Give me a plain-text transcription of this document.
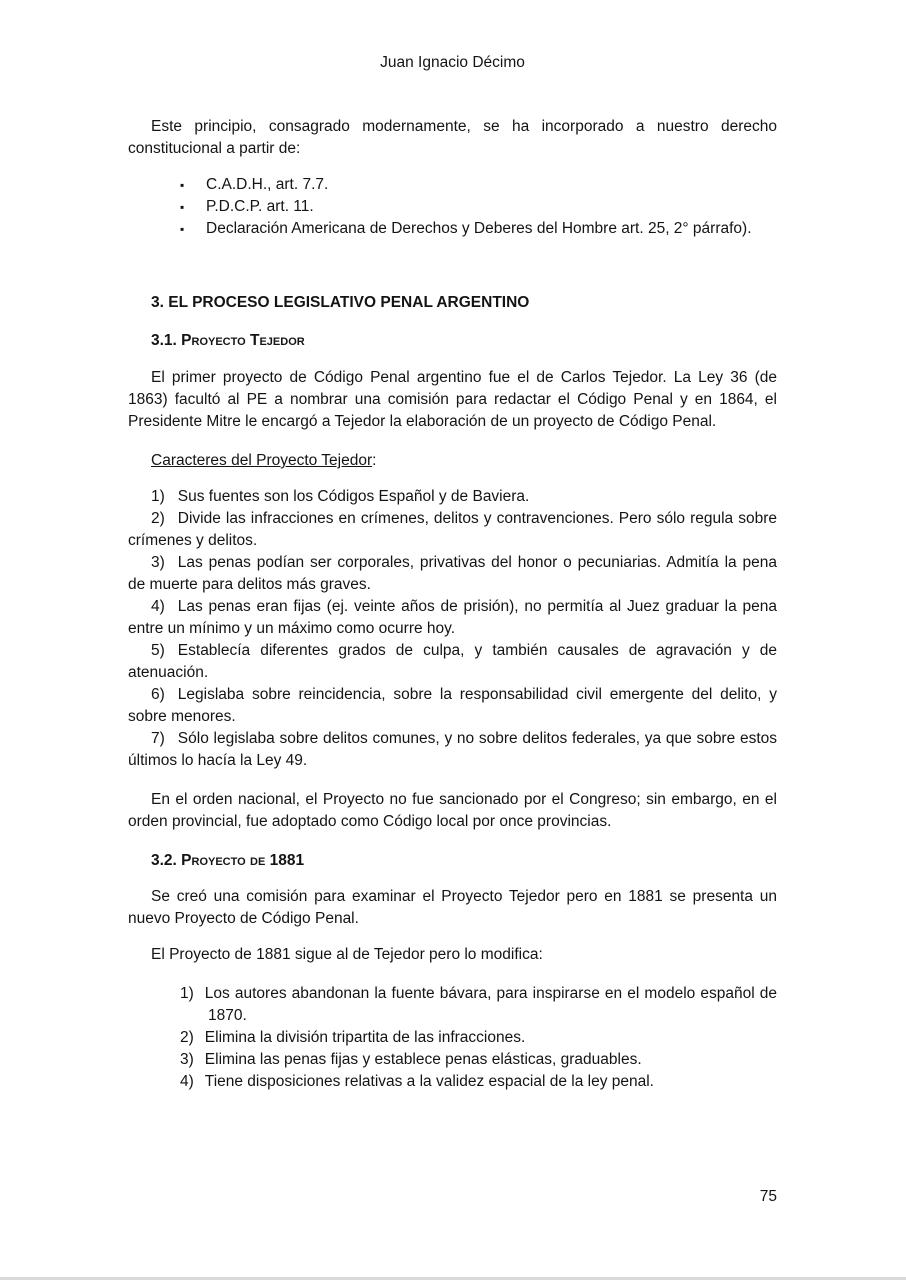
Juan Ignacio Décimo

Este principio, consagrado modernamente, se ha incorporado a nuestro derecho constitucional a partir de:

▪	C.A.D.H., art. 7.7.
▪	P.D.C.P. art. 11.
▪	Declaración Americana de Derechos y Deberes del Hombre art. 25, 2° párrafo).
3. EL PROCESO LEGISLATIVO PENAL ARGENTINO
3.1. Proyecto Tejedor

El primer proyecto de Código Penal argentino fue el de Carlos Tejedor. La Ley 36 (de 1863) facultó al PE a nombrar una comisión para redactar el Código Penal y en 1864, el Presidente Mitre le encargó a Tejedor la elaboración de un proyecto de Código Penal.

Caracteres del Proyecto Tejedor:

1) Sus fuentes son los Códigos Español y de Baviera.

2) Divide las infracciones en crímenes, delitos y contravenciones. Pero sólo regula sobre crímenes y delitos.

3) Las penas podían ser corporales, privativas del honor o pecuniarias. Admitía la pena de muerte para delitos más graves.

4) Las penas eran fijas (ej. veinte años de prisión), no permitía al Juez graduar la pena entre un mínimo y un máximo como ocurre hoy.

5) Establecía diferentes grados de culpa, y también causales de agravación y de atenuación.

6) Legislaba sobre reincidencia, sobre la responsabilidad civil emergente del delito, y sobre menores.

7) Sólo legislaba sobre delitos comunes, y no sobre delitos federales, ya que sobre estos últimos lo hacía la Ley 49.

En el orden nacional, el Proyecto no fue sancionado por el Congreso; sin embargo, en el orden provincial, fue adoptado como Código local por once provincias.

3.2. Proyecto de 1881

Se creó una comisión para examinar el Proyecto Tejedor pero en 1881 se presenta un nuevo Proyecto de Código Penal.

El Proyecto de 1881 sigue al de Tejedor pero lo modifica:

1) Los autores abandonan la fuente bávara, para inspirarse en el modelo español de 1870.

2) Elimina la división tripartita de las infracciones.

3) Elimina las penas fijas y establece penas elásticas, graduables.

4) Tiene disposiciones relativas a la validez espacial de la ley penal.

75
